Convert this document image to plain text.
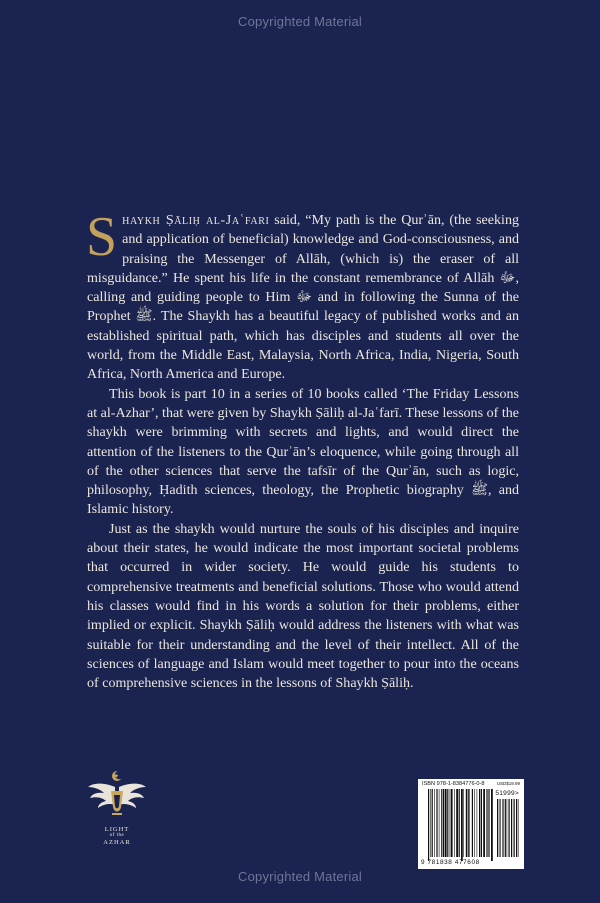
Copyrighted Material

Shaykh Ṣāliḥ al-Jaʿfari said, “My path is the Qurʾān, (the seeking and application of beneficial) knowledge and God-consciousness, and praising the Messenger of Allāh, (which is) the eraser of all misguidance.” He spent his life in the constant remembrance of Allāh ﷻ, calling and guiding people to Him ﷻ and in following the Sunna of the Prophet ﷺ. The Shaykh has a beautiful legacy of published works and an established spiritual path, which has disciples and students all over the world, from the Middle East, Malaysia, North Africa, India, Nigeria, South Africa, North America and Europe.

This book is part 10 in a series of 10 books called ‘The Friday Lessons at al-Azhar’, that were given by Shaykh Ṣāliḥ al-Jaʿfarī. These lessons of the shaykh were brimming with secrets and lights, and would direct the attention of the listeners to the Qurʾān’s eloquence, while going through all of the other sciences that serve the tafsīr of the Qurʾān, such as logic, philosophy, Ḥadith sciences, theology, the Prophetic biography ﷺ, and Islamic history.

Just as the shaykh would nurture the souls of his disciples and inquire about their states, he would indicate the most important societal problems that occurred in wider society. He would guide his students to comprehensive treatments and beneficial solutions. Those who would attend his classes would find in his words a solution for their problems, either implied or explicit. Shaykh Ṣāliḥ would address the listeners with what was suitable for their understanding and the level of their intellect. All of the sciences of language and Islam would meet together to pour into the oceans of comprehensive sciences in the lessons of Shaykh Ṣāliḥ.

LIGHT
of the
AZHAR
ISBN 978-1-8384776-0-8	USD$19.99
51999>
9 781838 477608
Copyrighted Material
